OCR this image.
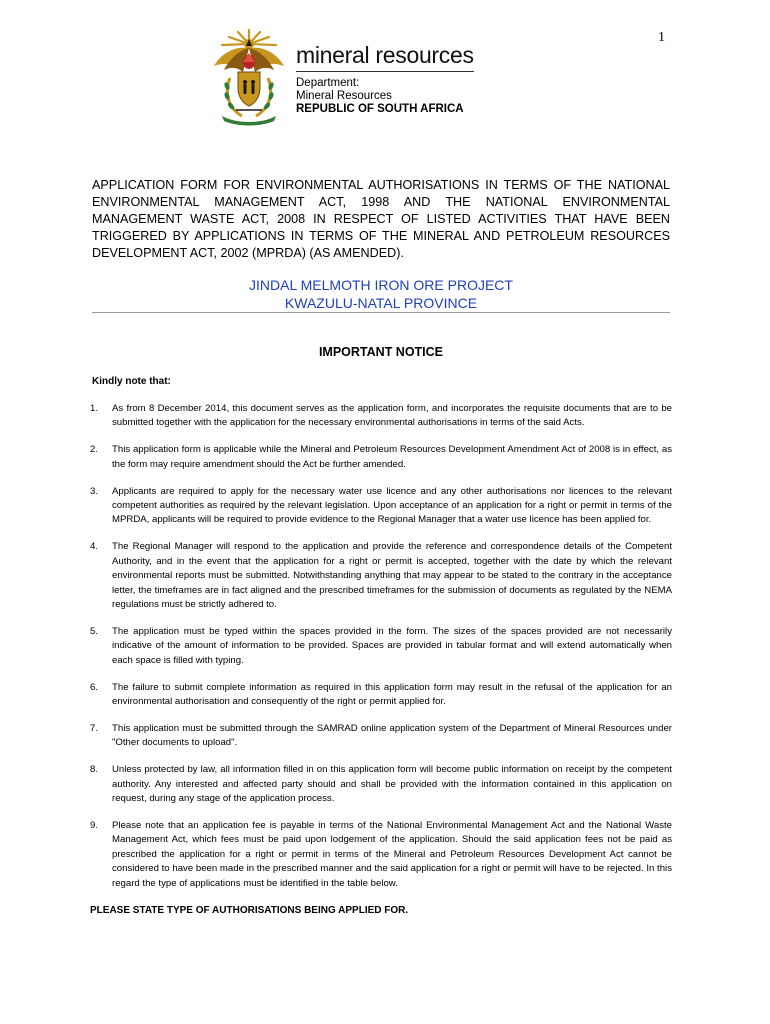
1
mineral resources
Department:
Mineral Resources
REPUBLIC OF SOUTH AFRICA
APPLICATION FORM FOR ENVIRONMENTAL AUTHORISATIONS IN TERMS OF THE NATIONAL ENVIRONMENTAL MANAGEMENT ACT, 1998 AND THE NATIONAL ENVIRONMENTAL MANAGEMENT WASTE ACT, 2008 IN RESPECT OF LISTED ACTIVITIES THAT HAVE BEEN TRIGGERED BY APPLICATIONS IN TERMS OF THE MINERAL AND PETROLEUM RESOURCES DEVELOPMENT ACT, 2002 (MPRDA) (AS AMENDED).
JINDAL MELMOTH IRON ORE PROJECT
KWAZULU-NATAL PROVINCE
IMPORTANT NOTICE
Kindly note that:
1. As from 8 December 2014, this document serves as the application form, and incorporates the requisite documents that are to be submitted together with the application for the necessary environmental authorisations in terms of the said Acts.
2. This application form is applicable while the Mineral and Petroleum Resources Development Amendment Act of 2008 is in effect, as the form may require amendment should the Act be further amended.
3. Applicants are required to apply for the necessary water use licence and any other authorisations nor licences to the relevant competent authorities as required by the relevant legislation. Upon acceptance of an application for a right or permit in terms of the MPRDA, applicants will be required to provide evidence to the Regional Manager that a water use licence has been applied for.
4. The Regional Manager will respond to the application and provide the reference and correspondence details of the Competent Authority, and in the event that the application for a right or permit is accepted, together with the date by which the relevant environmental reports must be submitted. Notwithstanding anything that may appear to be stated to the contrary in the acceptance letter, the timeframes are in fact aligned and the prescribed timeframes for the submission of documents as regulated by the NEMA regulations must be strictly adhered to.
5. The application must be typed within the spaces provided in the form. The sizes of the spaces provided are not necessarily indicative of the amount of information to be provided. Spaces are provided in tabular format and will extend automatically when each space is filled with typing.
6. The failure to submit complete information as required in this application form may result in the refusal of the application for an environmental authorisation and consequently of the right or permit applied for.
7. This application must be submitted through the SAMRAD online application system of the Department of Mineral Resources under "Other documents to upload".
8. Unless protected by law, all information filled in on this application form will become public information on receipt by the competent authority. Any interested and affected party should and shall be provided with the information contained in this application on request, during any stage of the application process.
9. Please note that an application fee is payable in terms of the National Environmental Management Act and the National Waste Management Act, which fees must be paid upon lodgement of the application. Should the said application fees not be paid as prescribed the application for a right or permit in terms of the Mineral and Petroleum Resources Development Act cannot be considered to have been made in the prescribed manner and the said application for a right or permit will have to be rejected. In this regard the type of applications must be identified in the table below.
PLEASE STATE TYPE OF AUTHORISATIONS BEING APPLIED FOR.
